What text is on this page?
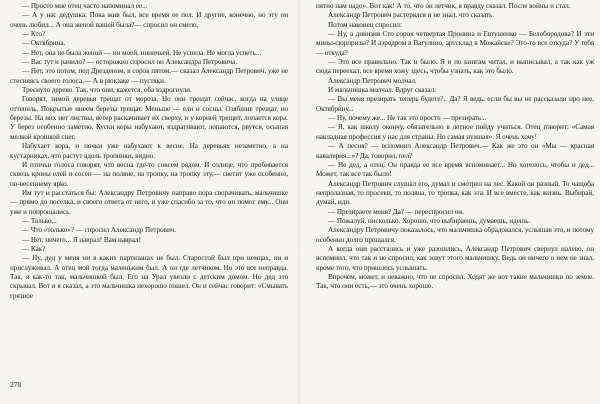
— Просто мне отец часто напоминал ее...

— А у нас дедушка. Пока жив был, все время ее пел. И другие, конечно, но эту он очень любил... А она женой вашей была?— спросил он смело.

— Кто?

— Октябрина.

— Нет, она не была женой — ни моей, ниничьей. Не успела. Не могла успеть...

— Вас тут и ранило? — осторожно спросил он Александра Петровича.

— Нет, это потом, под Дрезденом, в сорок пятом,— сказал Александр Петрович, уже не стесняясь своего голоса.— А в рюкзаке — пустяки.

Треснуло дерево. Так, что они, кажется, оба вздрогнули.

Говорят, зимой деревья трещат от мороза. Но они трещат сейчас, когда на улице оттепель. Покрытые инеем березы трещат. Меньше — ели и сосны. Озябшие трещат, но березы. На них нет листвы, ветер раскачивает их сверху, и у корней трещит, лопается кора. У берез особенно заметно. Куски коры набухают, вздрагивают, лопаются, рвутся, осыпая мелкой крошкой снег.

Набухает кора, и почки уже набухают к весне. На деревьях незаметно, а на кустарниках, что растут вдоль тропинки, видно.

И птичьи голоса говорят, что весна где-то совсем рядом. И солнце, что пробивается сквозь кроны елей и сосен — на поляне, на тропку, на тропку эту,— светит уже особенно, по-весеннему ярко.

Им тут и расстаться бы: Александру Петровичу направо пора сворачивать, мальчишке — прямо до поселка, и своего ответа от него, и уже спасибо за то, что он помог ему... Они уже и попрощались.

— Только...

— Что «только»? — спросил Александр Петрович.

— Нет, ничего... Я наврал! Вам наврал!

— Как?

— Ну, дед у меня ни в каких партизанах не был. Старостой был при немцах, ни и прислуживал. А отец мой тогда маленьким был. А он где летчиком. Но это все неправда. Так, я как-то так, мальчишкой был. Его на Урал увезли с детским домом. Но дед это скрывал. Вот и я сказал, а это мальчишка нехорошо пошел. Он и сейчас говорит: «Смывать грязное

пятно нам надо». Вот как! А то, что он летчик, я правду сказал. После войны и стал.

Александр Петрович растерялся и не знал, что сказать.

Потом наконец спросил:

— Ну, а дивизия Сто сорок четвертая Пронина и Евтушенко — Белобородова? И эти мины-сюрпризы? И аэродром в Ватулино, артсклад в Можайске? Это-то все откуда? У тебя — откуда?

— Это все правильно. Так и было. Я и по книгам читал, и выписывал, а так как уж сюда переехал, все время хожу здесь, чтобы узнать, как это было.

Александр Петрович молчал.

И мальчишка молчал. Вдруг сказал:

— Вы меня презирать теперь будете?.. Да? Я ведь, если бы вы не рассказали про нее, Октябрину...

— Ну, почему же... Не так это просто — презирать...

— Я, как школу окончу, обязательно в летное пойду учиться. Отец говорит: «Самая накладная профессия у нас для страны. Но самая нужная». Я очень хочу!

— А песня? — вспомнил Александр Петрович.— Как же это он «Мы — красная кавалерия...»? Да, говорил, пел?

— Не дед, а отец. Он правда ее все время вспоминает... Но хотелось, чтобы и дед... Может, так все так было!

Александр Петрович слушал его, думал и смотрел на лес. Какой он разный. То чащоба непролазная, то просеки, то поляна, то тропка, как эта. И все вместе, как жизнь. Выбирай, думай, иди.

— Презираете меня? Да? — переспросил он.

— Пожалуй, нисколько. Хорошо, что выбираешь, думаешь, идешь.

Александру Петровичу показалось, что мальчишка обрадовался, услышав это, и потому особенно долго прощался.

А когда они расстались и уже разошлись, Александр Петрович свернул налево, он вспомнил, что так и не спросил, как зовут этого мальчишку. Ведь он ничего о нем не знал, кроме того, что пришлось услышать.

Впрочем, может, и неважно, что не спросил. Ходят же вот такие мальчишки по земле. Так, что они есть,— это очень хорошо.

278
